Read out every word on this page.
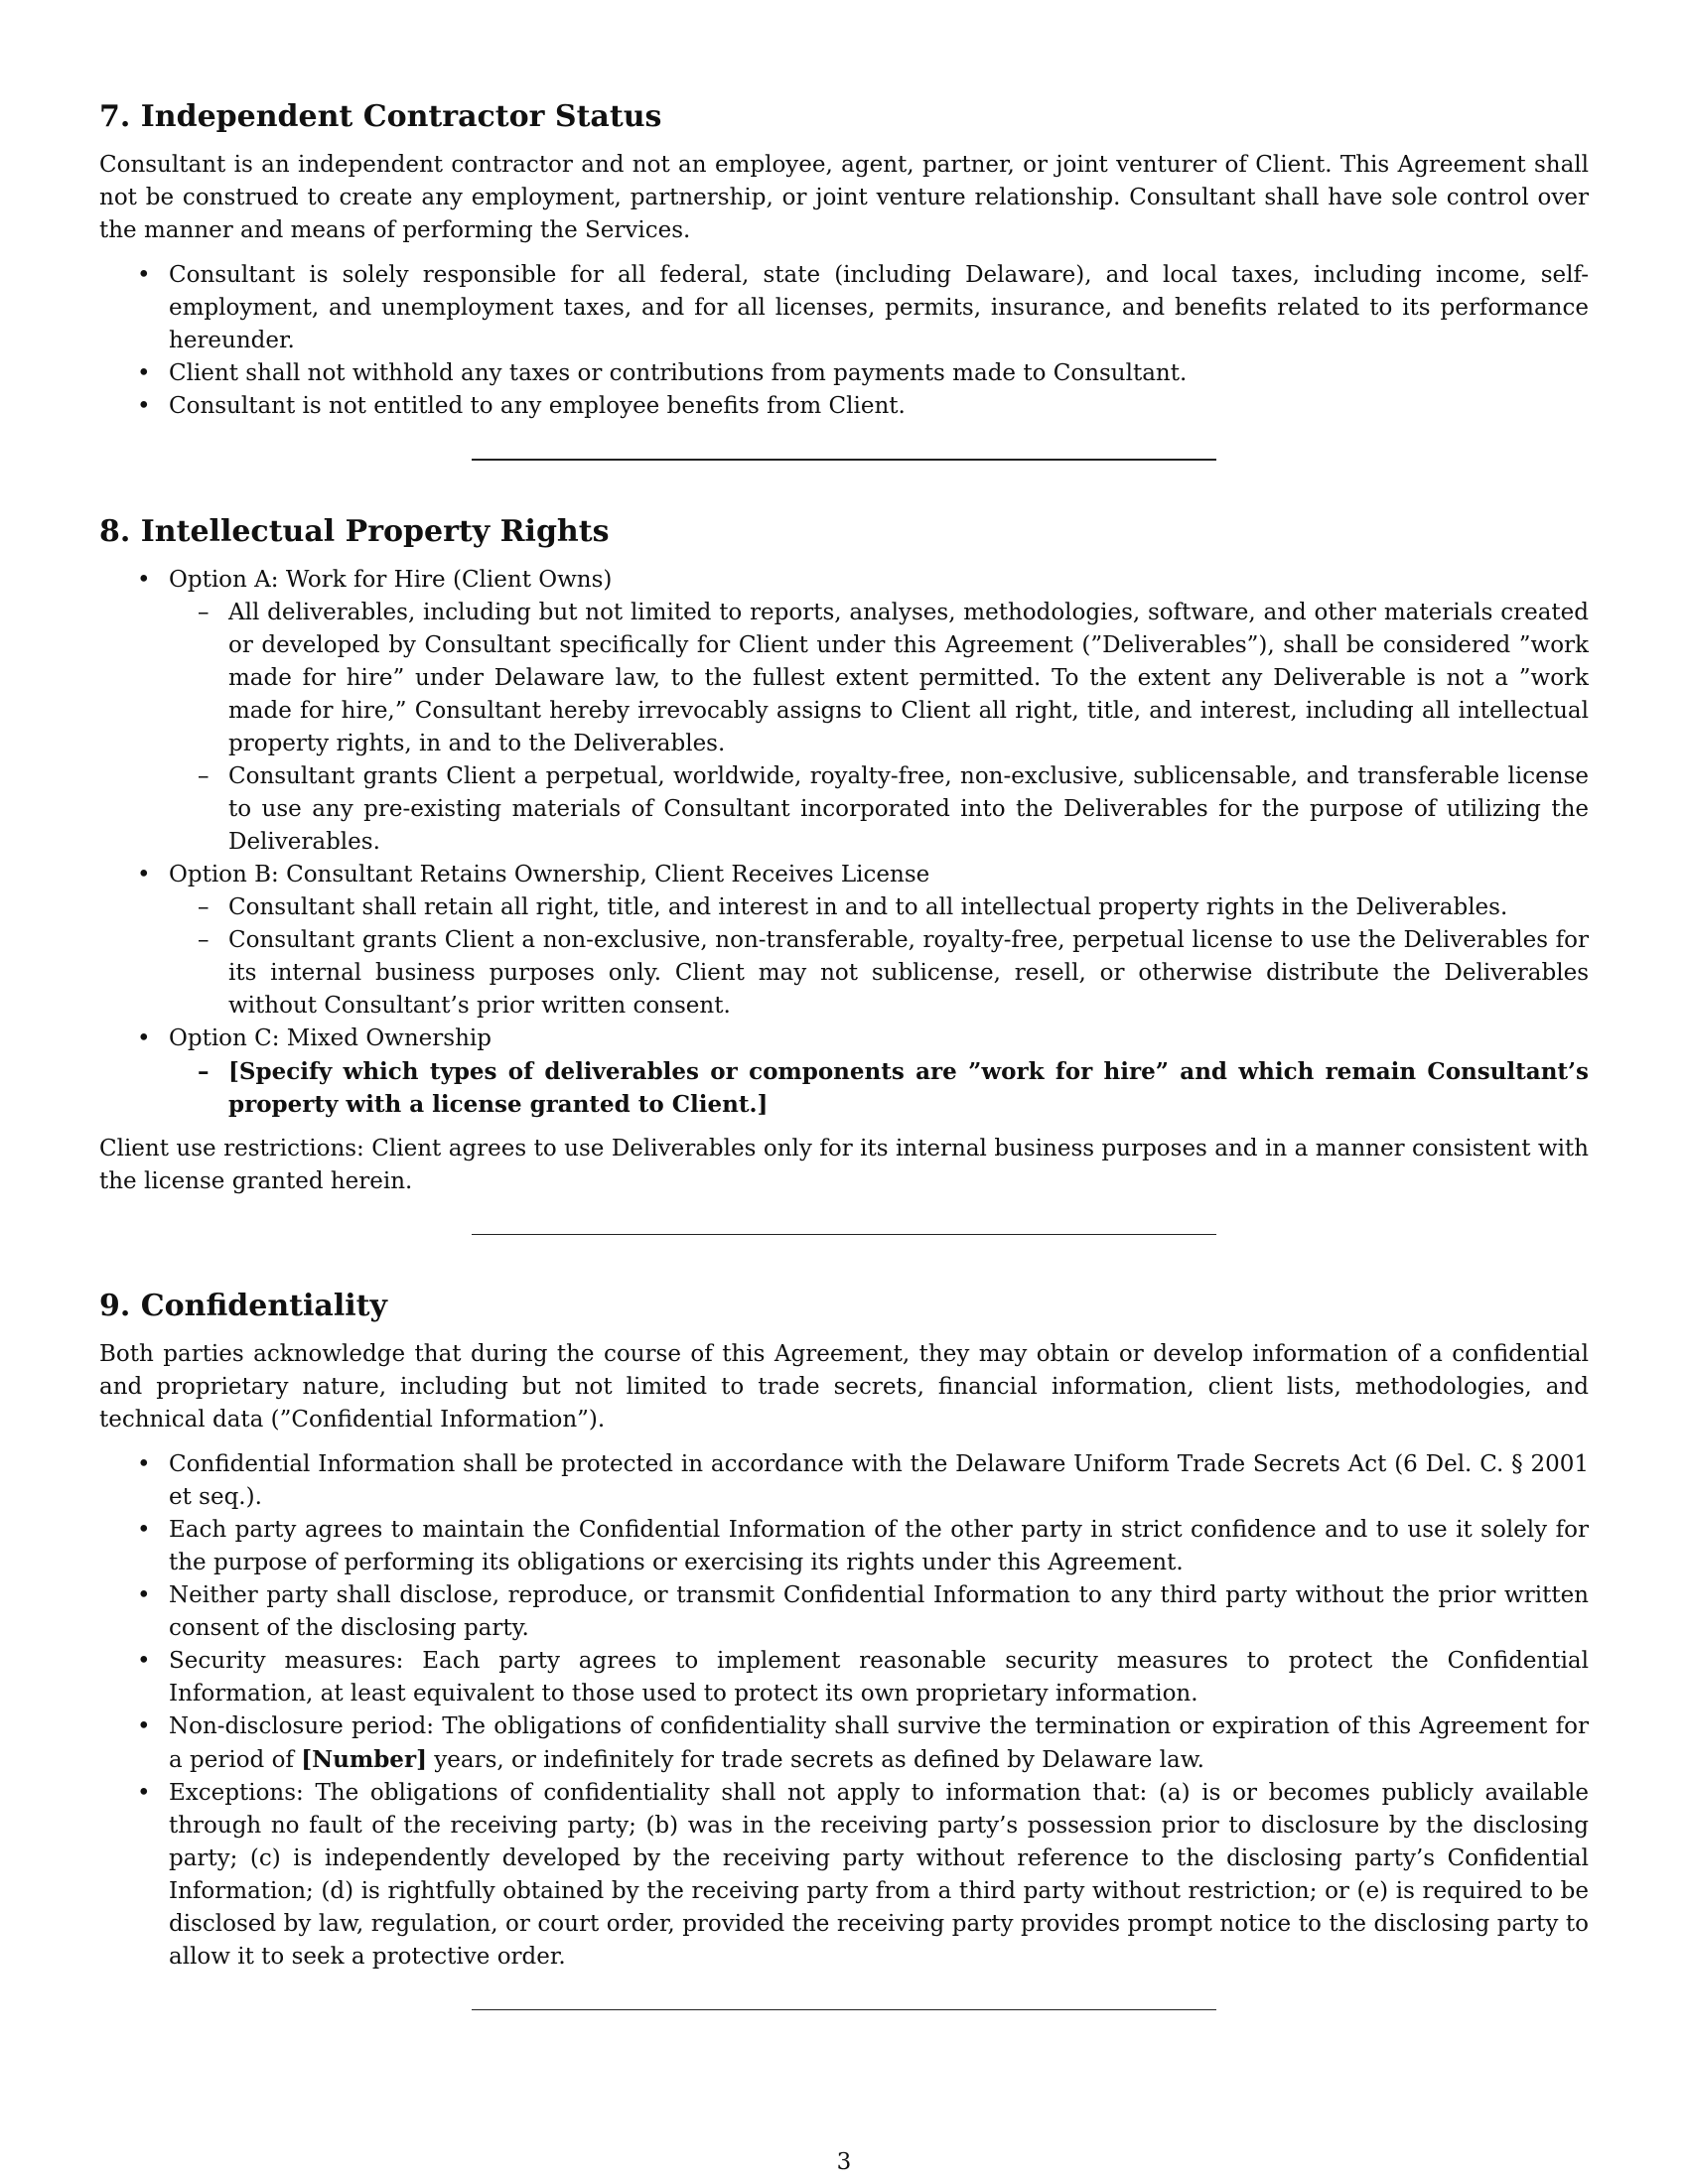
7. Independent Contractor Status

Consultant is an independent contractor and not an employee, agent, partner, or joint venturer of Client. This Agreement shall not be construed to create any employment, partnership, or joint venture relationship. Consultant shall have sole control over the manner and means of performing the Services.

• Consultant is solely responsible for all federal, state (including Delaware), and local taxes, including income, self-employment, and unemployment taxes, and for all licenses, permits, insurance, and benefits related to its performance hereunder.
• Client shall not withhold any taxes or contributions from payments made to Consultant.
• Consultant is not entitled to any employee benefits from Client.
8. Intellectual Property Rights
• Option A: Work for Hire (Client Owns)
– All deliverables, including but not limited to reports, analyses, methodologies, software, and other materials created or developed by Consultant specifically for Client under this Agreement (”Deliverables”), shall be considered ”work made for hire” under Delaware law, to the fullest extent permitted. To the extent any Deliverable is not a ”work made for hire,” Consultant hereby irrevocably assigns to Client all right, title, and interest, including all intellectual property rights, in and to the Deliverables.
– Consultant grants Client a perpetual, worldwide, royalty-free, non-exclusive, sublicensable, and transferable license to use any pre-existing materials of Consultant incorporated into the Deliverables for the purpose of utilizing the Deliverables.
• Option B: Consultant Retains Ownership, Client Receives License
– Consultant shall retain all right, title, and interest in and to all intellectual property rights in the Deliverables.
– Consultant grants Client a non-exclusive, non-transferable, royalty-free, perpetual license to use the Deliverables for its internal business purposes only. Client may not sublicense, resell, or otherwise distribute the Deliverables without Consultant’s prior written consent.
• Option C: Mixed Ownership
– [Specify which types of deliverables or components are ”work for hire” and which remain Consultant’s property with a license granted to Client.]

Client use restrictions: Client agrees to use Deliverables only for its internal business purposes and in a manner consistent with the license granted herein.

9. Confidentiality

Both parties acknowledge that during the course of this Agreement, they may obtain or develop information of a confidential and proprietary nature, including but not limited to trade secrets, financial information, client lists, methodologies, and technical data (”Confidential Information”).

• Confidential Information shall be protected in accordance with the Delaware Uniform Trade Secrets Act (6 Del. C. § 2001 et seq.).
• Each party agrees to maintain the Confidential Information of the other party in strict confidence and to use it solely for the purpose of performing its obligations or exercising its rights under this Agreement.
• Neither party shall disclose, reproduce, or transmit Confidential Information to any third party without the prior written consent of the disclosing party.
• Security measures: Each party agrees to implement reasonable security measures to protect the Confidential Information, at least equivalent to those used to protect its own proprietary information.
• Non-disclosure period: The obligations of confidentiality shall survive the termination or expiration of this Agreement for a period of [Number] years, or indefinitely for trade secrets as defined by Delaware law.
• Exceptions: The obligations of confidentiality shall not apply to information that: (a) is or becomes publicly available through no fault of the receiving party; (b) was in the receiving party’s possession prior to disclosure by the disclosing party; (c) is independently developed by the receiving party without reference to the disclosing party’s Confidential Information; (d) is rightfully obtained by the receiving party from a third party without restriction; or (e) is required to be disclosed by law, regulation, or court order, provided the receiving party provides prompt notice to the disclosing party to allow it to seek a protective order.
3
